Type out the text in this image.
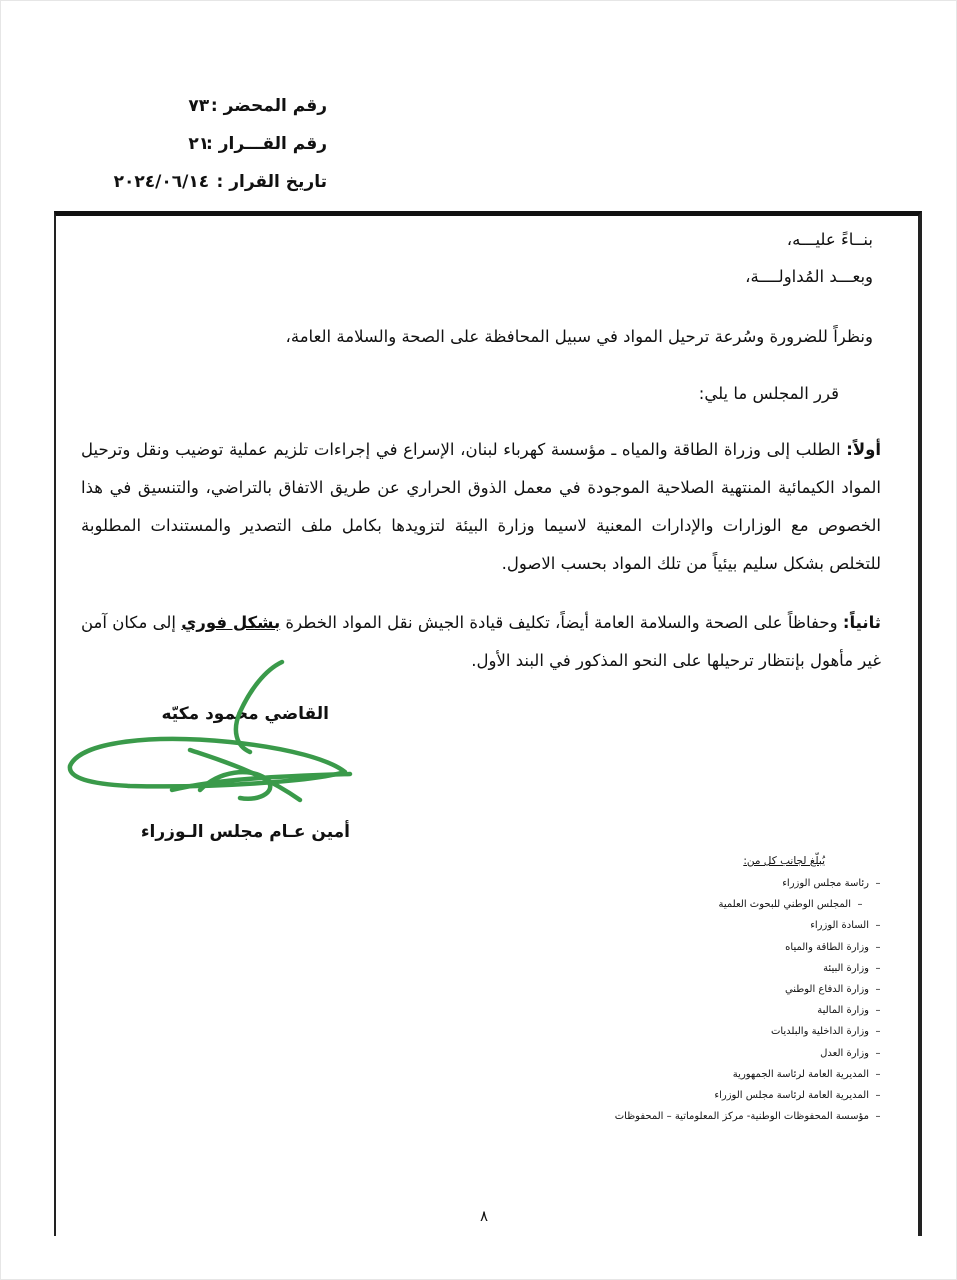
رقم المحضر : ٧٣
رقم القـــرار : ٢١
تاريخ القرار : ٢٠٢٤/٠٦/١٤
بنــاءً عليـــه،
وبعـــد المُداولــــة،
ونظراً للضرورة وسُرعة ترحيل المواد في سبيل المحافظة على الصحة والسلامة العامة،
قرر المجلس ما يلي:
أولاً: الطلب إلى وزراة الطاقة والمياه ـ مؤسسة كهرباء لبنان، الإسراع في إجراءات تلزيم عملية توضيب ونقل وترحيل المواد الكيمائية المنتهية الصلاحية الموجودة في معمل الذوق الحراري عن طريق الاتفاق بالتراضي، والتنسيق في هذا الخصوص مع الوزارات والإدارات المعنية لاسيما وزارة البيئة لتزويدها بكامل ملف التصدير والمستندات المطلوبة للتخلص بشكل سليم بيئياً من تلك المواد بحسب الاصول.
ثانياً: وحفاظاً على الصحة والسلامة العامة أيضاً، تكليف قيادة الجيش نقل المواد الخطرة بشكل فوري إلى مكان آمن غير مأهول بإنتظار ترحيلها على النحو المذكور في البند الأول.
القاضي محمود مكيّه
أمين عـام مجلس الـوزراء
يُبلّغ لجانب كل من:
–رئاسة مجلس الوزراء
–المجلس الوطني للبحوث العلمية
–السادة الوزراء
–وزارة الطاقة والمياه
–وزارة البيئة
–وزارة الدفاع الوطني
–وزارة المالية
–وزارة الداخلية والبلديات
–وزارة العدل
–المديرية العامة لرئاسة الجمهورية
–المديرية العامة لرئاسة مجلس الوزراء
–مؤسسة المحفوظات الوطنية- مركز المعلوماتية – المحفوظات
٨
